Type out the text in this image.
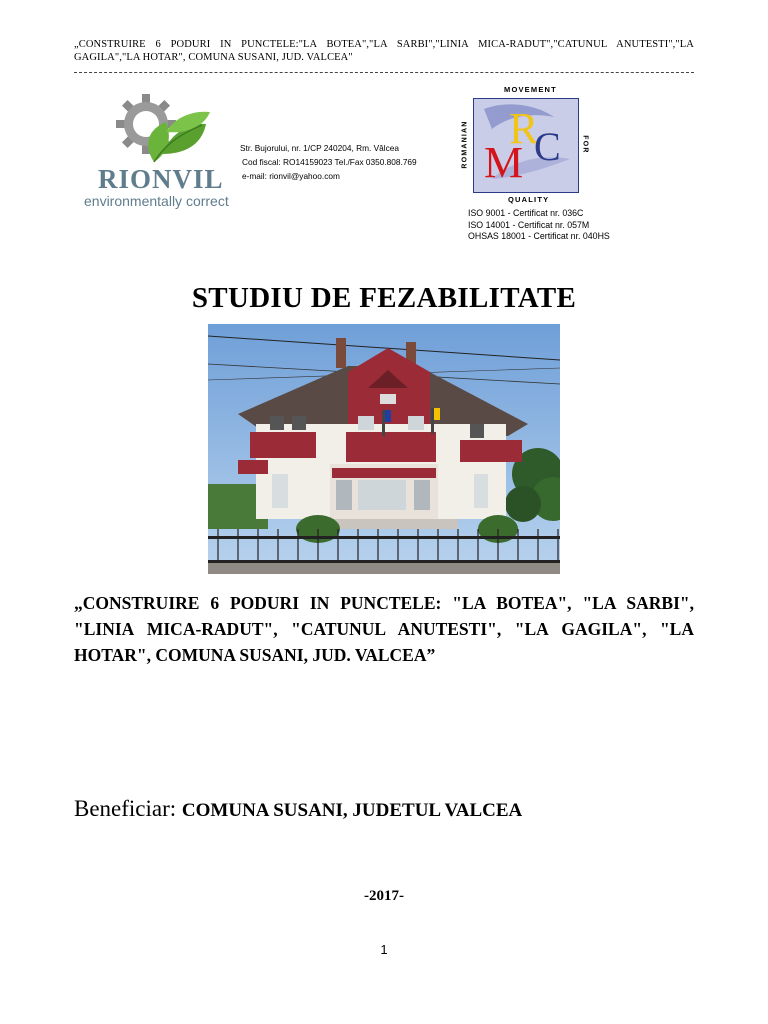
„CONSTRUIRE 6 PODURI IN PUNCTELE:"LA BOTEA","LA SARBI","LINIA MICA-RADUT","CATUNUL ANUTESTI","LA GAGILA","LA HOTAR", COMUNA SUSANI, JUD. VALCEA"
RIONVIL
environmentally correct
Str. Bujorului, nr. 1/CP 240204, Rm. Vâlcea
Cod fiscal: RO14159023 Tel./Fax 0350.808.769
e-mail: rionvil@yahoo.com
MOVEMENT
ROMANIAN M
R
C	FOR
QUALITY
ISO 9001 - Certificat nr. 036C
ISO 14001 - Certificat nr. 057M
OHSAS 18001 - Certificat nr. 040HS
STUDIU DE FEZABILITATE
„CONSTRUIRE 6 PODURI IN PUNCTELE: "LA BOTEA", "LA SARBI", "LINIA MICA-RADUT", "CATUNUL ANUTESTI", "LA GAGILA", "LA HOTAR", COMUNA SUSANI, JUD. VALCEA”
Beneficiar: COMUNA SUSANI, JUDETUL VALCEA
-2017-
1
